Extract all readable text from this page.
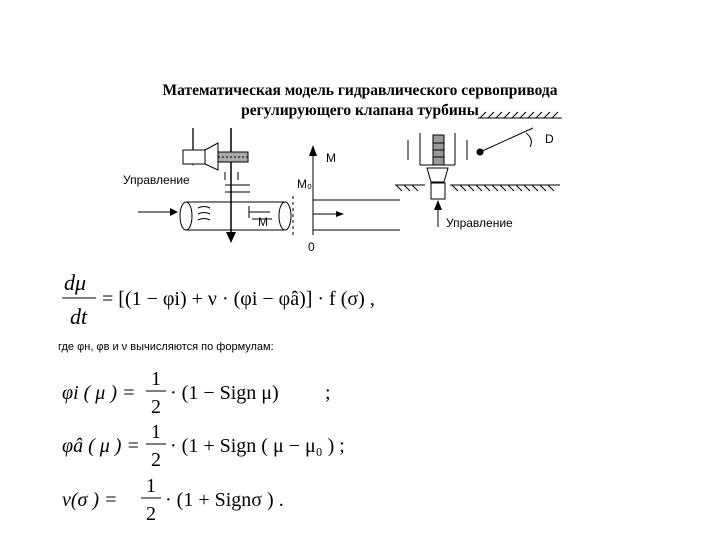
Математическая модель гидравлического сервопривода
регулирующего клапана турбины
Управление
M
M
M₀
0
D
Управление
dμ
dt
= [(1 − φi) + ν · (φi − φâ)] · f (σ) ,
φi ( μ ) =
1
2
· (1 − Sign μ) ;
φâ ( μ ) =
1
2
· (1 + Sign ( μ − μ₀ ) ;
ν(σ ) =
1
2
· (1 + Signσ ) .
где φн, φв и ν вычисляются по формулам:
